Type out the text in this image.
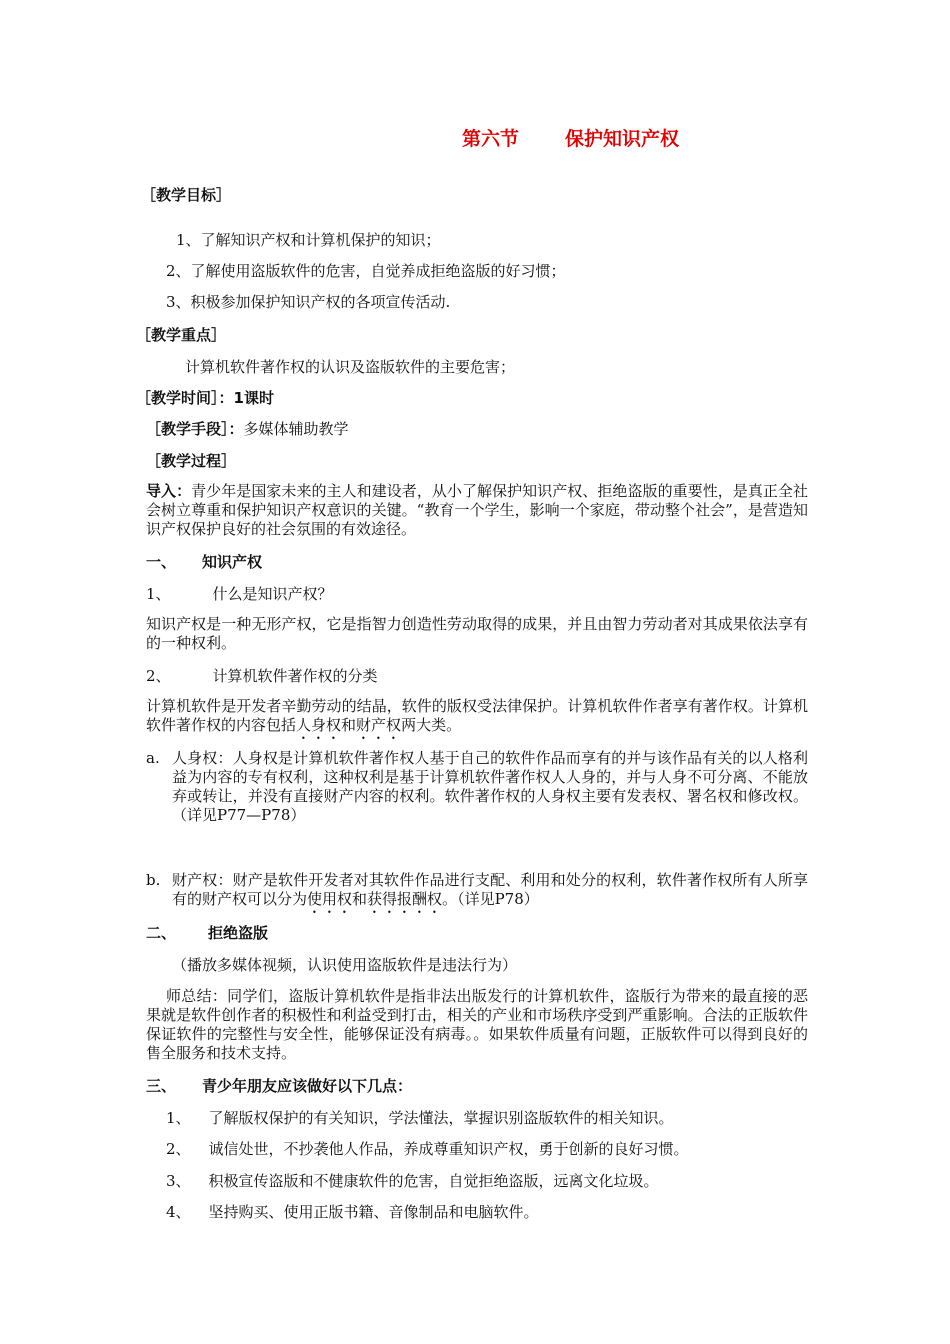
第六节 保护知识产权
［教学目标］
1、了解知识产权和计算机保护的知识；
2、了解使用盗版软件的危害，自觉养成拒绝盗版的好习惯；
3、积极参加保护知识产权的各项宣传活动.
［教学重点］
计算机软件著作权的认识及盗版软件的主要危害；
［教学时间］：1课时
［教学手段］：多媒体辅助教学
［教学过程］
导入：青少年是国家未来的主人和建设者，从小了解保护知识产权、拒绝盗版的重要性，是真正全社会树立尊重和保护知识产权意识的关键。“教育一个学生，影响一个家庭，带动整个社会”，是营造知识产权保护良好的社会氛围的有效途径。
一、 知识产权
1、	什么是知识产权？
知识产权是一种无形产权，它是指智力创造性劳动取得的成果，并且由智力劳动者对其成果依法享有的一种权利。
2、	计算机软件著作权的分类
计算机软件是开发者辛勤劳动的结晶，软件的版权受法律保护。计算机软件作者享有著作权。计算机软件著作权的内容包括人身权和财产权两大类。
a. 人身权：人身权是计算机软件著作权人基于自己的软件作品而享有的并与该作品有关的以人格利益为内容的专有权利，这种权利是基于计算机软件著作权人人身的，并与人身不可分离、不能放弃或转让，并没有直接财产内容的权利。软件著作权的人身权主要有发表权、署名权和修改权。（详见P77—P78）
b. 财产权：财产是软件开发者对其软件作品进行支配、利用和处分的权利，软件著作权所有人所享有的财产权可以分为使用权和获得报酬权。（详见P78）
二、 拒绝盗版
（播放多媒体视频，认识使用盗版软件是违法行为）
师总结：同学们，盗版计算机软件是指非法出版发行的计算机软件，盗版行为带来的最直接的恶果就是软件创作者的积极性和利益受到打击，相关的产业和市场秩序受到严重影响。合法的正版软件保证软件的完整性与安全性，能够保证没有病毒。。如果软件质量有问题，正版软件可以得到良好的售全服务和技术支持。
三、 青少年朋友应该做好以下几点：
1、 了解版权保护的有关知识，学法懂法，掌握识别盗版软件的相关知识。
2、 诚信处世，不抄袭他人作品，养成尊重知识产权，勇于创新的良好习惯。
3、 积极宣传盗版和不健康软件的危害，自觉拒绝盗版，远离文化垃圾。
4、 坚持购买、使用正版书籍、音像制品和电脑软件。
